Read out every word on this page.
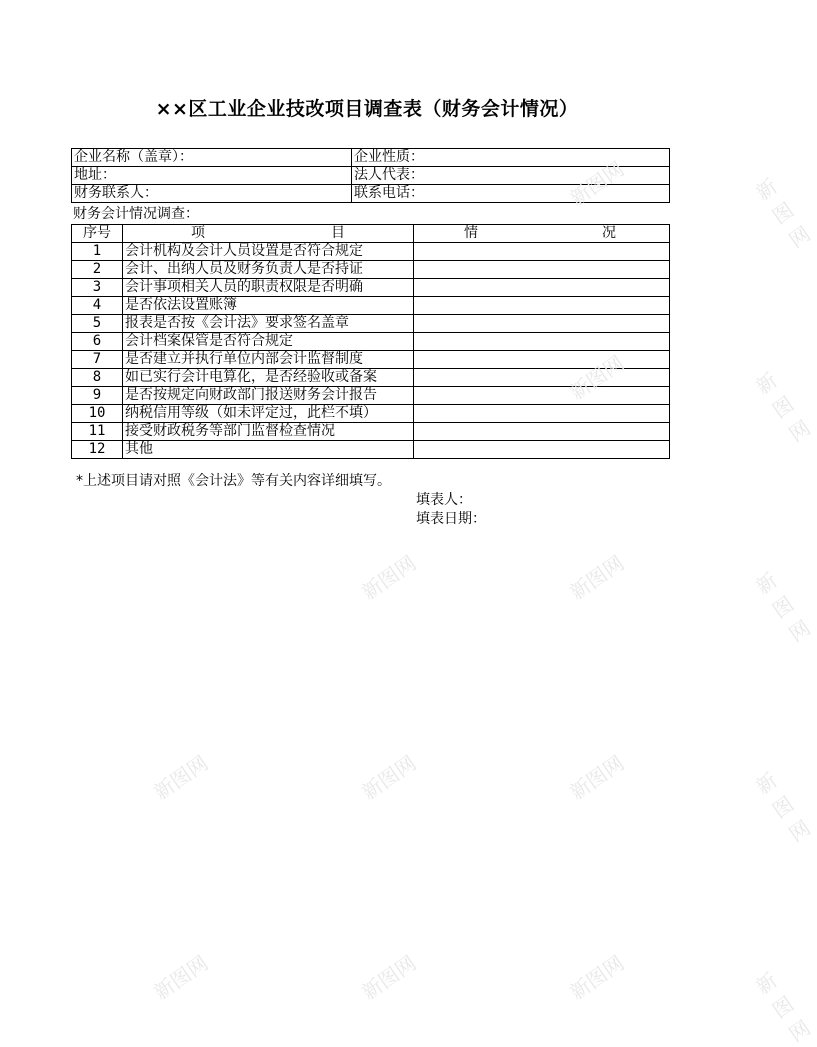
××区工业企业技改项目调查表（财务会计情况）
企业名称（盖章）：	企业性质：
地址：	法人代表：
财务联系人：	联系电话：
财务会计情况调查：
序号	项 目	情 况

1	会计机构及会计人员设置是否符合规定	
2	会计、出纳人员及财务负责人是否持证	
3	会计事项相关人员的职责权限是否明确	
4	是否依法设置账簿	
5	报表是否按《会计法》要求签名盖章	
6	会计档案保管是否符合规定	
7	是否建立并执行单位内部会计监督制度	
8	如已实行会计电算化，是否经验收或备案	
9	是否按规定向财政部门报送财务会计报告	
10	纳税信用等级（如未评定过，此栏不填）	
11	接受财政税务等部门监督检查情况	
12	其他	
*上述项目请对照《会计法》等有关内容详细填写。
填表人：
填表日期：
新图网	新图网
新图网	新图网
新图网	新图网	新图网
新图网	新图网	新图网	新图网
新图网	新图网	新图网	新图网
